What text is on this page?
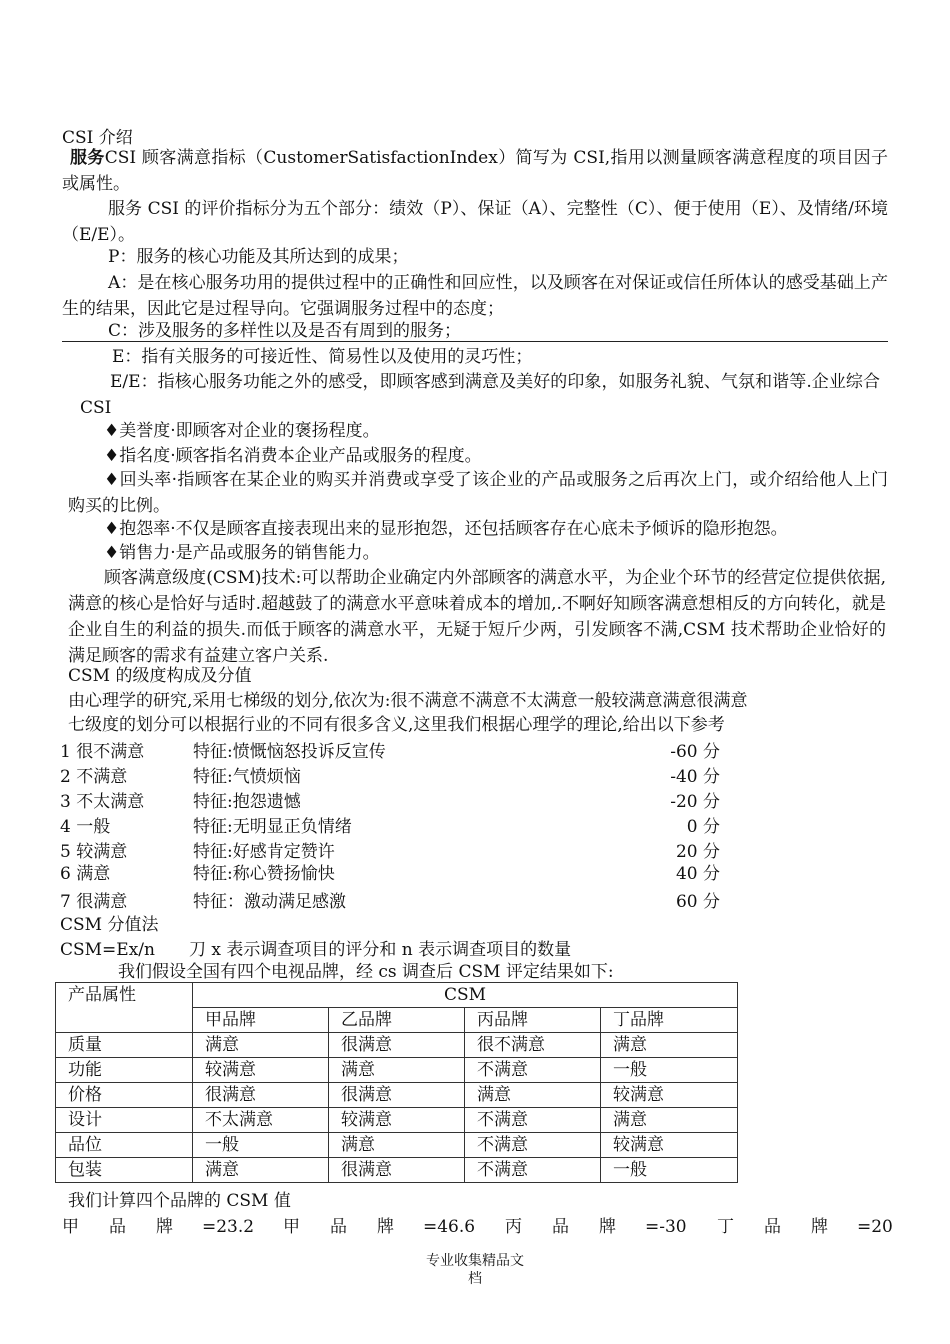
CSI 介绍
服务CSI 顾客满意指标（CustomerSatisfactionIndex）简写为 CSI,指用以测量顾客满意程度的项目因子或属性。
服务 CSI 的评价指标分为五个部分：绩效（P）、保证（A）、完整性（C）、便于使用（E）、及情绪/环境（E/E）。
P：服务的核心功能及其所达到的成果；
A：是在核心服务功用的提供过程中的正确性和回应性，以及顾客在对保证或信任所体认的感受基础上产生的结果，因此它是过程导向。它强调服务过程中的态度；
C：涉及服务的多样性以及是否有周到的服务；
E：指有关服务的可接近性、简易性以及使用的灵巧性；
E/E：指核心服务功能之外的感受，即顾客感到满意及美好的印象，如服务礼貌、气氛和谐等.企业综合 CSI
♦美誉度·即顾客对企业的褒扬程度。
♦指名度·顾客指名消费本企业产品或服务的程度。
♦回头率·指顾客在某企业的购买并消费或享受了该企业的产品或服务之后再次上门，或介绍给他人上门购买的比例。
♦抱怨率·不仅是顾客直接表现出来的显形抱怨，还包括顾客存在心底未予倾诉的隐形抱怨。
♦销售力·是产品或服务的销售能力。
顾客满意级度(CSM)技术:可以帮助企业确定内外部顾客的满意水平，为企业个环节的经营定位提供依据,满意的核心是恰好与适时.超越鼓了的满意水平意味着成本的增加,.不啊好知顾客满意想相反的方向转化，就是企业自生的利益的损失.而低于顾客的满意水平，无疑于短斤少两，引发顾客不满,CSM 技术帮助企业恰好的满足顾客的需求有益建立客户关系.
CSM 的级度构成及分值
由心理学的研究,采用七梯级的划分,依次为:很不满意不满意不太满意一般较满意满意很满意
七级度的划分可以根据行业的不同有很多含义,这里我们根据心理学的理论,给出以下参考
1 很不满意	特征:愤慨恼怒投诉反宣传	-60 分
2 不满意	特征:气愤烦恼	-40 分
3 不太满意	特征:抱怨遗憾	-20 分
4 一般	特征:无明显正负情绪	0 分
5 较满意	特征:好感肯定赞许	20 分
6 满意	特征:称心赞扬愉快	40 分
7 很满意	特征：激动满足感激	60 分
CSM 分值法
CSM=Ex/n　　刀 x 表示调查项目的评分和 n 表示调查项目的数量
我们假设全国有四个电视品牌，经 cs 调查后 CSM 评定结果如下:
产品属性	CSM			
	甲品牌	乙品牌	丙品牌	丁品牌
质量	满意	很满意	很不满意	满意
功能	较满意	满意	不满意	一般
价格	很满意	很满意	满意	较满意
设计	不太满意	较满意	不满意	满意
品位	一般	满意	不满意	较满意
包装	满意	很满意	不满意	一般
我们计算四个品牌的 CSM 值
甲 品 牌 =23.2 甲 品 牌 =46.6 丙 品 牌 =-30 丁 品 牌 =20
专业收集精品文
档
